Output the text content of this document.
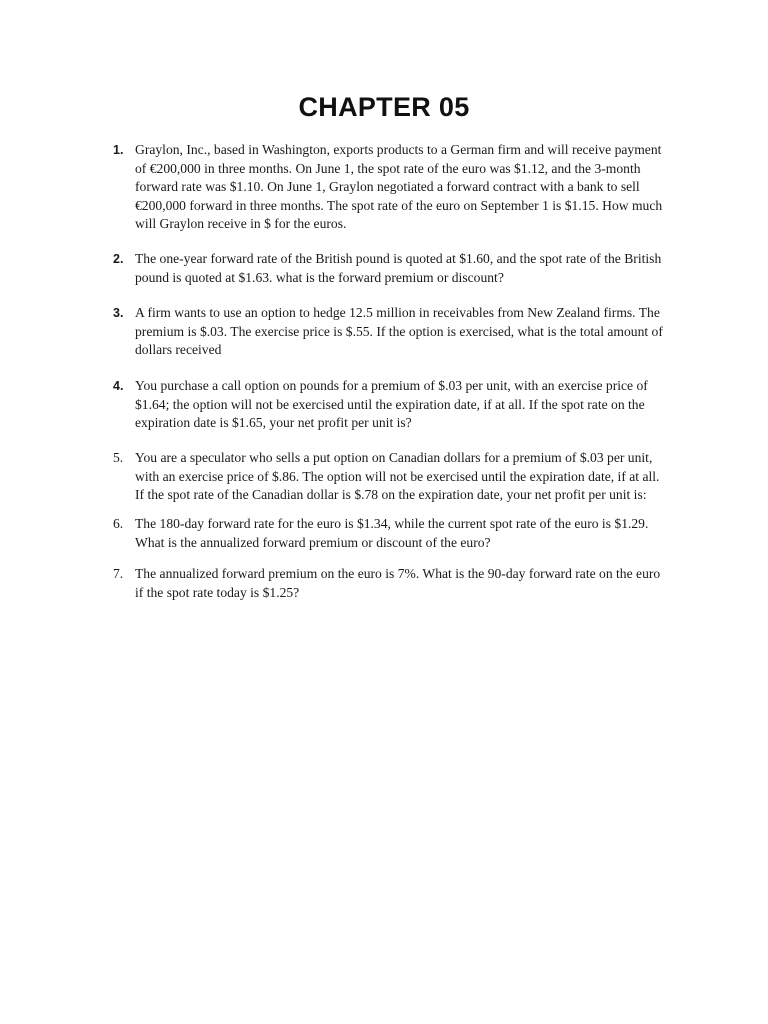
CHAPTER 05
1. Graylon, Inc., based in Washington, exports products to a German firm and will receive payment
of €200,000 in three months. On June 1, the spot rate of the euro was $1.12, and the 3-month
forward rate was $1.10. On June 1, Graylon negotiated a forward contract with a bank to sell
€200,000 forward in three months. The spot rate of the euro on September 1 is $1.15. How much
will Graylon receive in $ for the euros.
2. The one-year forward rate of the British pound is quoted at $1.60, and the spot rate of the British
pound is quoted at $1.63. what is the forward premium or discount?
3. A firm wants to use an option to hedge 12.5 million in receivables from New Zealand firms. The
premium is $.03. The exercise price is $.55. If the option is exercised, what is the total amount of
dollars received
4. You purchase a call option on pounds for a premium of $.03 per unit, with an exercise price of
$1.64; the option will not be exercised until the expiration date, if at all. If the spot rate on the
expiration date is $1.65, your net profit per unit is?
5. You are a speculator who sells a put option on Canadian dollars for a premium of $.03 per unit,
with an exercise price of $.86. The option will not be exercised until the expiration date, if at all.
If the spot rate of the Canadian dollar is $.78 on the expiration date, your net profit per unit is:
6. The 180-day forward rate for the euro is $1.34, while the current spot rate of the euro is $1.29.
What is the annualized forward premium or discount of the euro?
7. The annualized forward premium on the euro is 7%. What is the 90-day forward rate on the euro
if the spot rate today is $1.25?
